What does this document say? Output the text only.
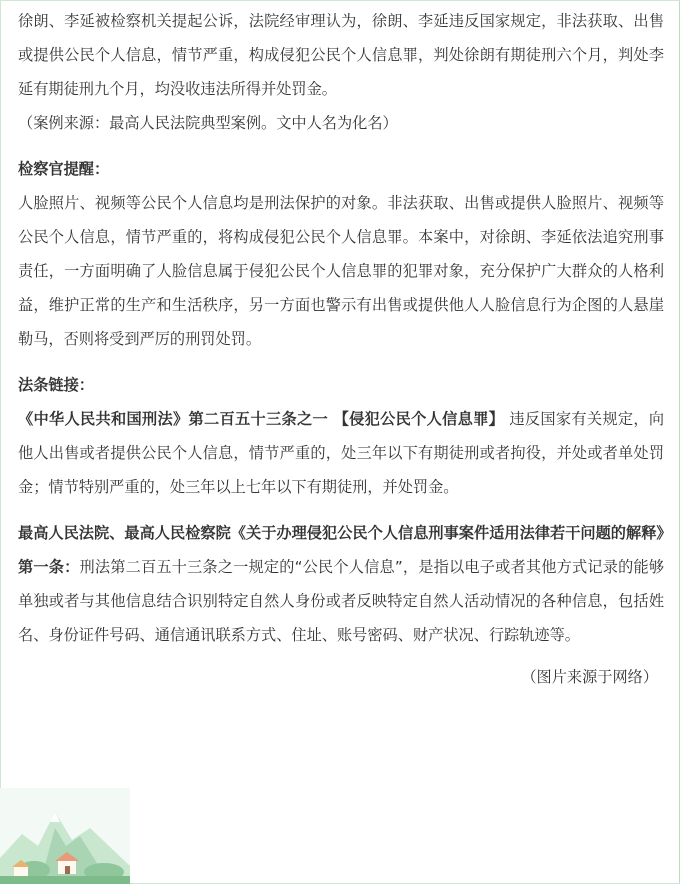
徐朗、李延被检察机关提起公诉，法院经审理认为，徐朗、李延违反国家规定，非法获取、出售或提供公民个人信息，情节严重，构成侵犯公民个人信息罪，判处徐朗有期徒刑六个月，判处李延有期徒刑九个月，均没收违法所得并处罚金。

（案例来源：最高人民法院典型案例。文中人名为化名）

检察官提醒：

人脸照片、视频等公民个人信息均是刑法保护的对象。非法获取、出售或提供人脸照片、视频等公民个人信息，情节严重的，将构成侵犯公民个人信息罪。本案中，对徐朗、李延依法追究刑事责任，一方面明确了人脸信息属于侵犯公民个人信息罪的犯罪对象，充分保护广大群众的人格利益，维护正常的生产和生活秩序，另一方面也警示有出售或提供他人人脸信息行为企图的人悬崖勒马，否则将受到严厉的刑罚处罚。

法条链接：

《中华人民共和国刑法》第二百五十三条之一 【侵犯公民个人信息罪】 违反国家有关规定，向他人出售或者提供公民个人信息，情节严重的，处三年以下有期徒刑或者拘役，并处或者单处罚金；情节特别严重的，处三年以上七年以下有期徒刑，并处罚金。

最高人民法院、最高人民检察院《关于办理侵犯公民个人信息刑事案件适用法律若干问题的解释》第一条：刑法第二百五十三条之一规定的“公民个人信息”，是指以电子或者其他方式记录的能够单独或者与其他信息结合识别特定自然人身份或者反映特定自然人活动情况的各种信息，包括姓名、身份证件号码、通信通讯联系方式、住址、账号密码、财产状况、行踪轨迹等。

（图片来源于网络）
